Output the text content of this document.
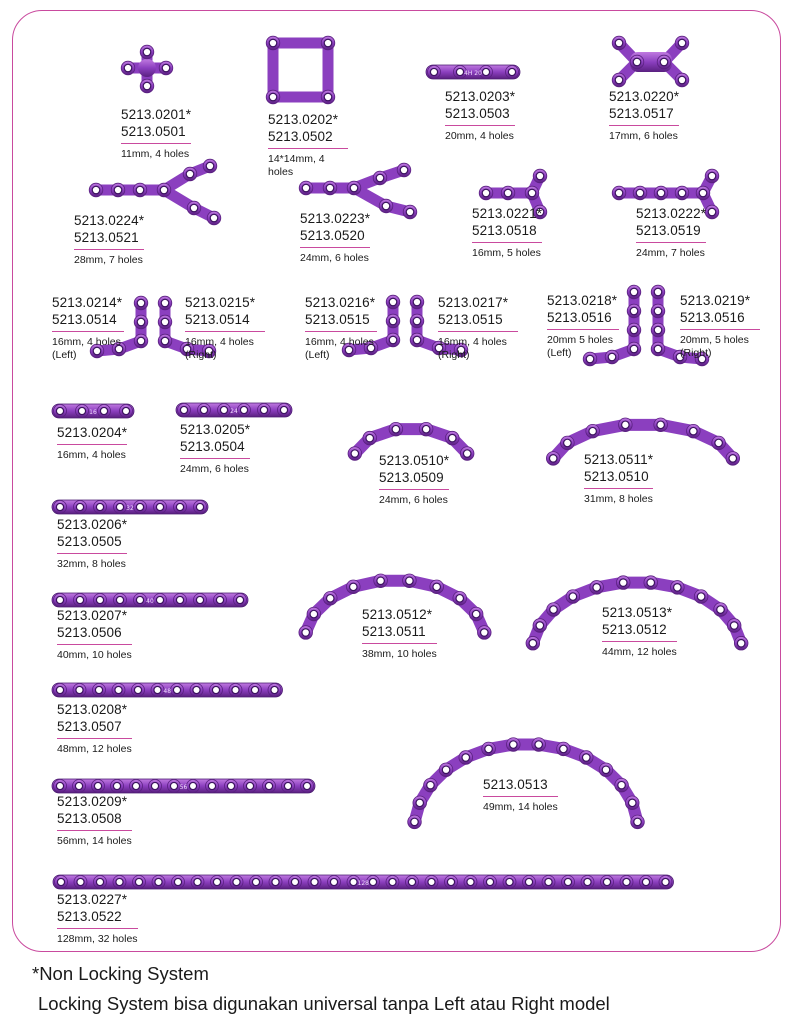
4H 20
16	24
32
40
48
56
128
5213.0201*
5213.0501
11mm, 4 holes
5213.0202*
5213.0502
14*14mm, 4 holes
5213.0203*
5213.0503
20mm, 4 holes
5213.0220*
5213.0517
17mm, 6 holes
5213.0224*
5213.0521
28mm, 7 holes
5213.0223*
5213.0520
24mm, 6 holes
5213.0221*
5213.0518
16mm, 5 holes
5213.0222*
5213.0519
24mm, 7 holes
5213.0214*
5213.0514
16mm, 4 holes (Left)
5213.0215*
5213.0514
16mm, 4 holes (Right)
5213.0216*
5213.0515
16mm, 4 holes (Left)
5213.0217*
5213.0515
16mm, 4 holes (Right)
5213.0218*
5213.0516
20mm 5 holes (Left)
5213.0219*
5213.0516
20mm, 5 holes (Right)
5213.0204*
16mm, 4 holes
5213.0205*
5213.0504
24mm, 6 holes
5213.0510*
5213.0509
24mm, 6 holes
5213.0511*
5213.0510
31mm, 8 holes
5213.0206*
5213.0505
32mm, 8 holes
5213.0207*
5213.0506
40mm, 10 holes
5213.0512*
5213.0511
38mm, 10 holes
5213.0513*
5213.0512
44mm, 12 holes
5213.0208*
5213.0507
48mm, 12 holes
5213.0209*
5213.0508
56mm, 14 holes
5213.0513
49mm, 14 holes
5213.0227*
5213.0522
128mm, 32 holes
*Non Locking System
Locking System bisa digunakan universal tanpa Left atau Right model
